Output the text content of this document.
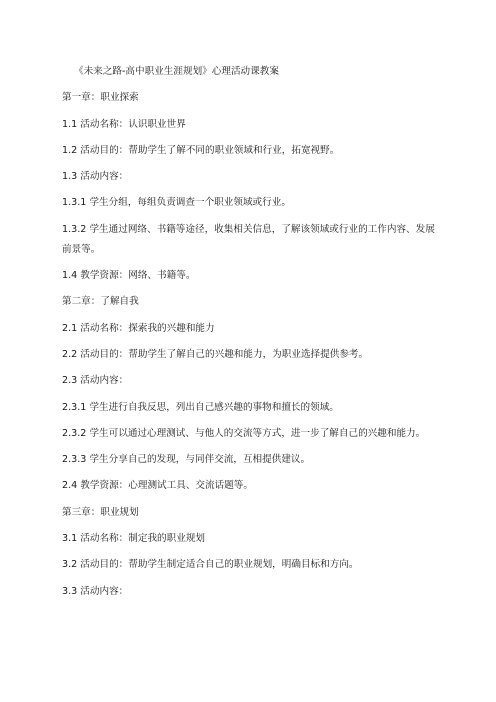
《未来之路-高中职业生涯规划》心理活动课教案
第一章：职业探索
1.1 活动名称：认识职业世界
1.2 活动目的：帮助学生了解不同的职业领域和行业，拓宽视野。
1.3 活动内容：
1.3.1 学生分组，每组负责调查一个职业领域或行业。
1.3.2 学生通过网络、书籍等途径，收集相关信息，了解该领域或行业的工作内容、发展前景等。
1.4 教学资源：网络、书籍等。
第二章：了解自我
2.1 活动名称：探索我的兴趣和能力
2.2 活动目的：帮助学生了解自己的兴趣和能力，为职业选择提供参考。
2.3 活动内容：
2.3.1 学生进行自我反思，列出自己感兴趣的事物和擅长的领域。
2.3.2 学生可以通过心理测试、与他人的交流等方式，进一步了解自己的兴趣和能力。
2.3.3 学生分享自己的发现，与同伴交流，互相提供建议。
2.4 教学资源：心理测试工具、交流话题等。
第三章：职业规划
3.1 活动名称：制定我的职业规划
3.2 活动目的：帮助学生制定适合自己的职业规划，明确目标和方向。
3.3 活动内容：
